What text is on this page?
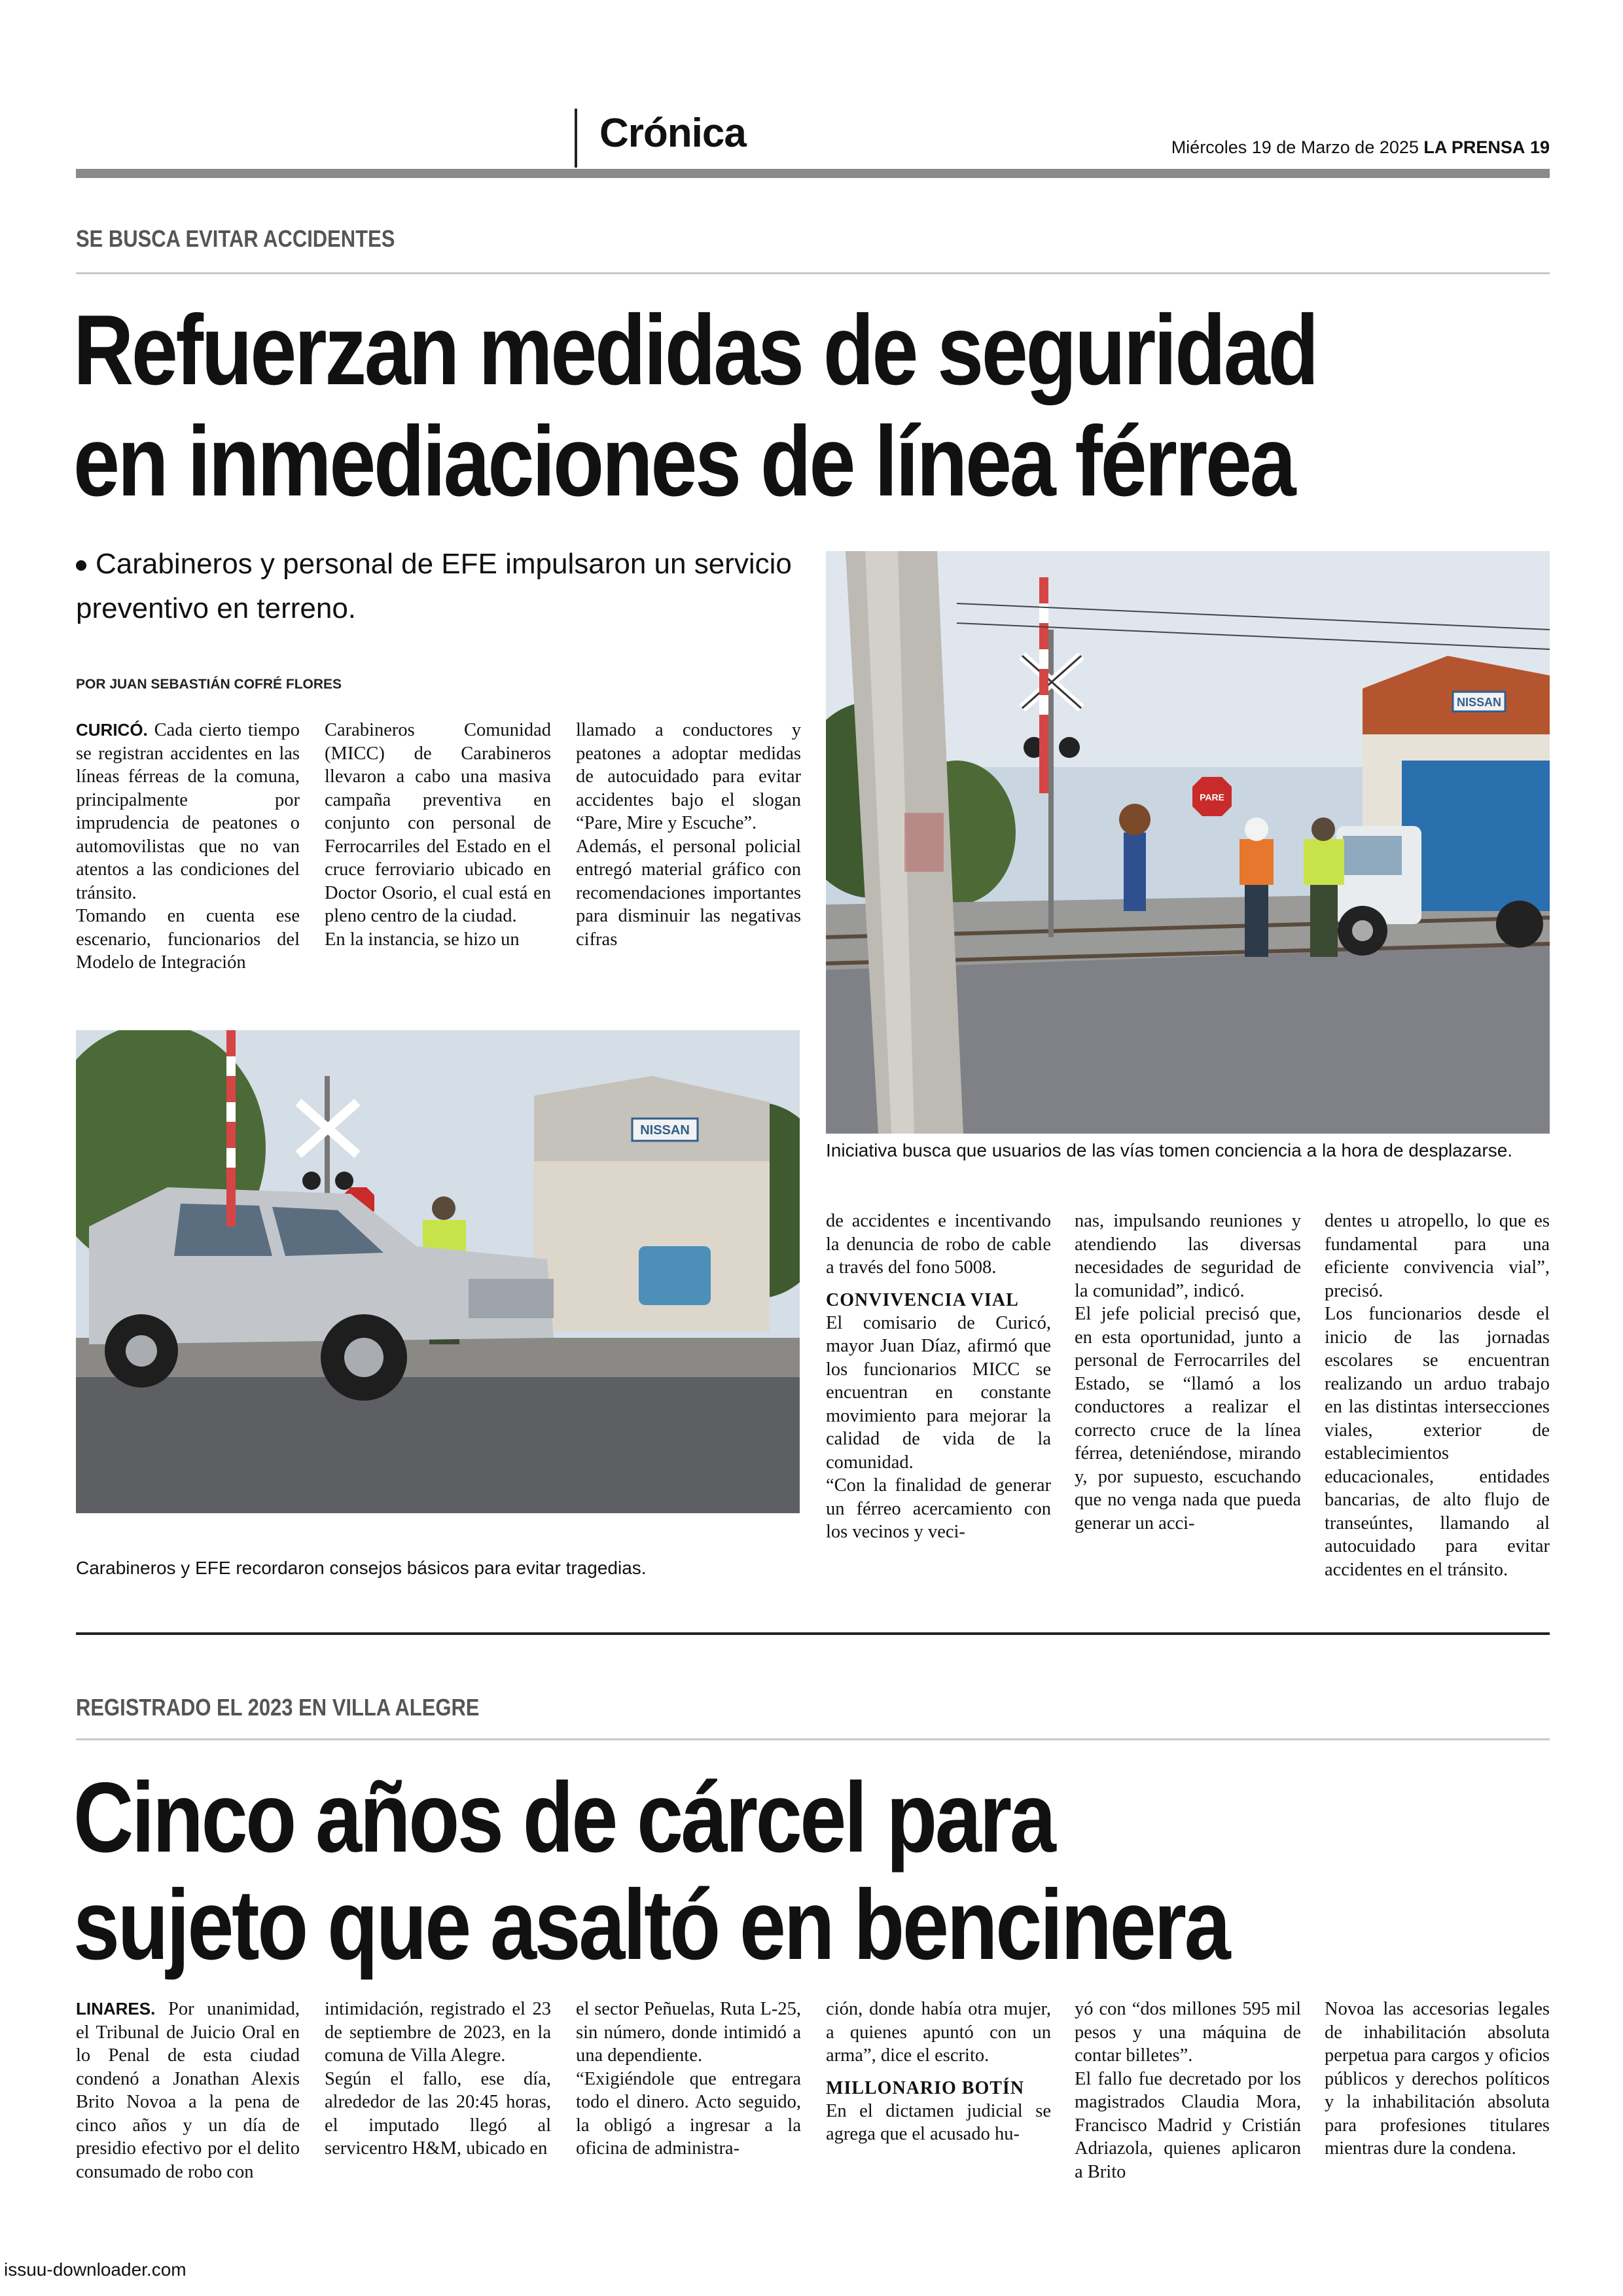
Crónica	Miércoles 19 de Marzo de 2025 LA PRENSA 19
SE BUSCA EVITAR ACCIDENTES
Refuerzan medidas de seguridad
en inmediaciones de línea férrea
Carabineros y personal de EFE impulsaron un servicio preventivo en terreno.
POR JUAN SEBASTIÁN COFRÉ FLORES

CURICÓ. Cada cierto tiempo se registran accidentes en las líneas férreas de la comuna, principalmente por imprudencia de peatones o automovilistas que no van atentos a las condiciones del tránsito.

Tomando en cuenta ese escenario, funcionarios del Modelo de Integración

Carabineros Comunidad (MICC) de Carabineros llevaron a cabo una masiva campaña preventiva en conjunto con personal de Ferrocarriles del Estado en el cruce ferroviario ubicado en Doctor Osorio, el cual está en pleno centro de la ciudad.

En la instancia, se hizo un

llamado a conductores y peatones a adoptar medidas de autocuidado para evitar accidentes bajo el slogan “Pare, Mire y Escuche”.

Además, el personal policial entregó material gráfico con recomendaciones importantes para disminuir las negativas cifras

NISSAN
PARE
Iniciativa busca que usuarios de las vías tomen conciencia a la hora de desplazarse.
NISSAN
Carabineros y EFE recordaron consejos básicos para evitar tragedias.

de accidentes e incentivando la denuncia de robo de cable a través del fono 5008.

CONVIVENCIA VIAL

El comisario de Curicó, mayor Juan Díaz, afirmó que los funcionarios MICC se encuentran en constante movimiento para mejorar la calidad de vida de la comunidad.

“Con la finalidad de generar un férreo acercamiento con los vecinos y veci-

nas, impulsando reuniones y atendiendo las diversas necesidades de seguridad de la comunidad”, indicó.

El jefe policial precisó que, en esta oportunidad, junto a personal de Ferrocarriles del Estado, se “llamó a los conductores a realizar el correcto cruce de la línea férrea, deteniéndose, mirando y, por supuesto, escuchando que no venga nada que pueda generar un acci-

dentes u atropello, lo que es fundamental para una eficiente convivencia vial”, precisó.

Los funcionarios desde el inicio de las jornadas escolares se encuentran realizando un arduo trabajo en las distintas intersecciones viales, exterior de establecimientos educacionales, entidades bancarias, de alto flujo de transeúntes, llamando al autocuidado para evitar accidentes en el tránsito.

REGISTRADO EL 2023 EN VILLA ALEGRE
Cinco años de cárcel para
sujeto que asaltó en bencinera

LINARES. Por unanimidad, el Tribunal de Juicio Oral en lo Penal de esta ciudad condenó a Jonathan Alexis Brito Novoa a la pena de cinco años y un día de presidio efectivo por el delito consumado de robo con

intimidación, registrado el 23 de septiembre de 2023, en la comuna de Villa Alegre.

Según el fallo, ese día, alrededor de las 20:45 horas, el imputado llegó al servicentro H&M, ubicado en

el sector Peñuelas, Ruta L-25, sin número, donde intimidó a una dependiente.

“Exigiéndole que entregara todo el dinero. Acto seguido, la obligó a ingresar a la oficina de administra-

ción, donde había otra mujer, a quienes apuntó con un arma”, dice el escrito.

MILLONARIO BOTÍN

En el dictamen judicial se agrega que el acusado hu-

yó con “dos millones 595 mil pesos y una máquina de contar billetes”.

El fallo fue decretado por los magistrados Claudia Mora, Francisco Madrid y Cristián Adriazola, quienes aplicaron a Brito

Novoa las accesorias legales de inhabilitación absoluta perpetua para cargos y oficios públicos y derechos políticos y la inhabilitación absoluta para profesiones titulares mientras dure la condena.

issuu-downloader.com
